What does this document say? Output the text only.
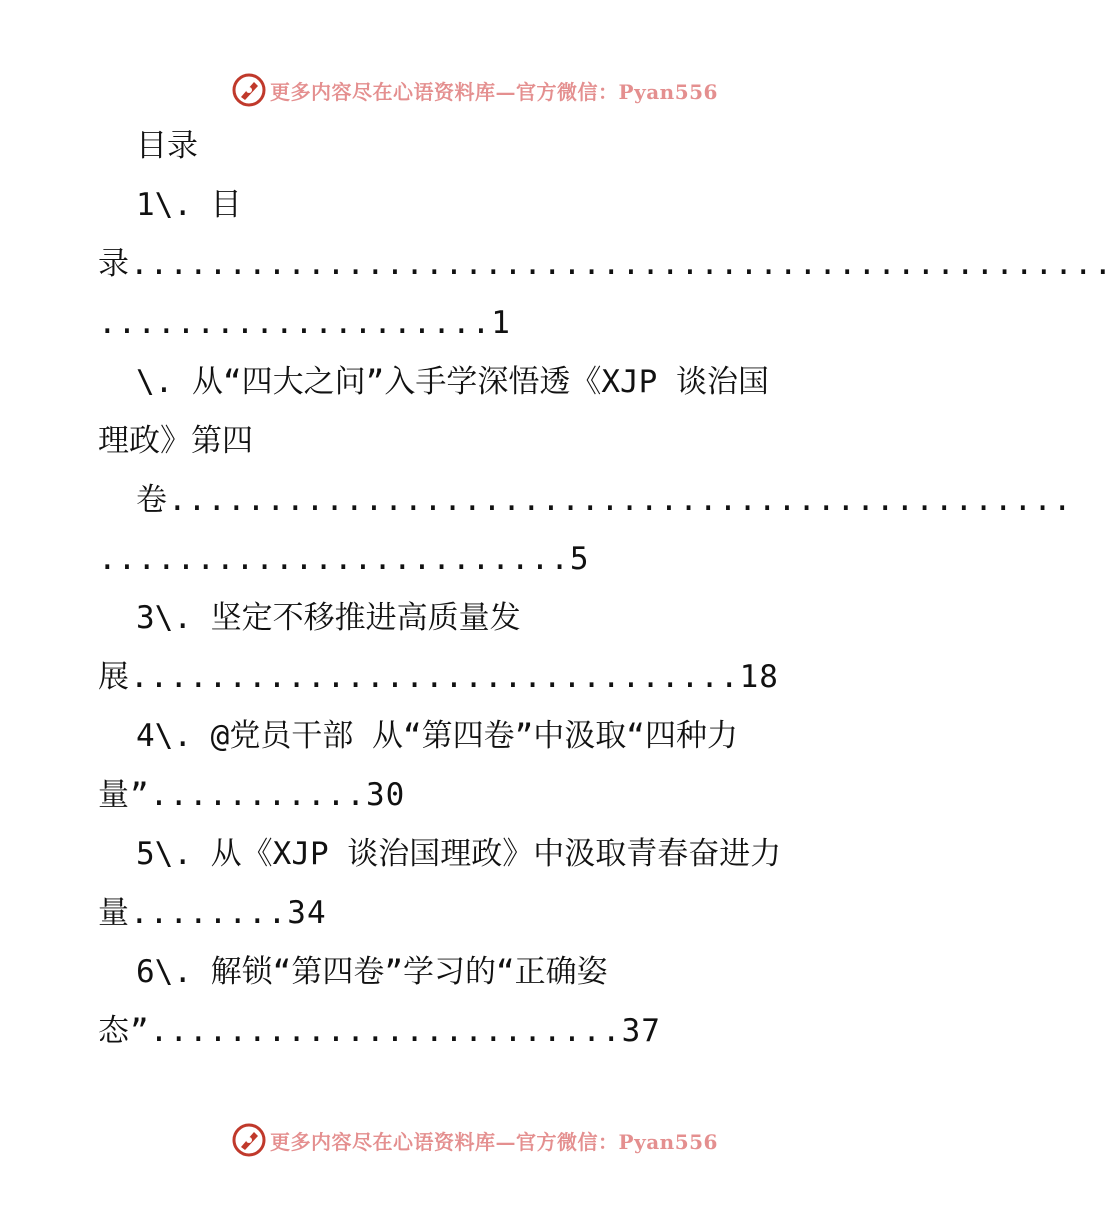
更多内容尽在心语资料库—官方微信：Pyan556
目录
1\. 目
录..................................................
....................1
\. 从“四大之问”入手学深悟透《XJP 谈治国
理政》第四
卷..............................................
........................5
3\. 坚定不移推进高质量发
展...............................18
4\. @党员干部 从“第四卷”中汲取“四种力
量”...........30
5\. 从《XJP 谈治国理政》中汲取青春奋进力
量........34
6\. 解锁“第四卷”学习的“正确姿
态”........................37
更多内容尽在心语资料库—官方微信：Pyan556
